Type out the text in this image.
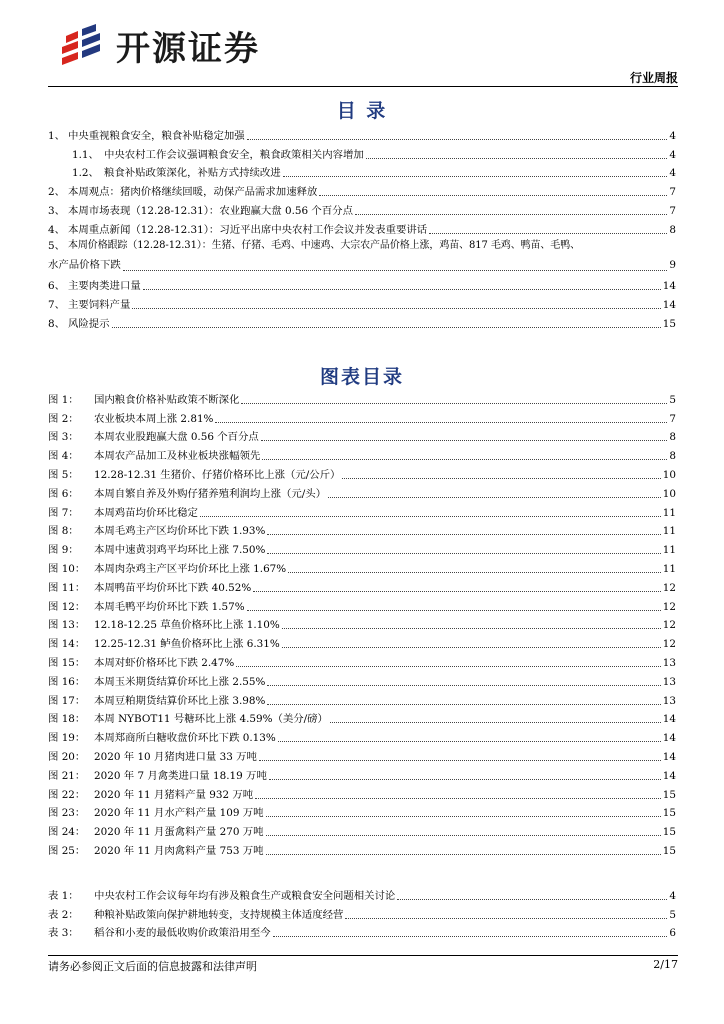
开源证券
行业周报
目 录
1、 中央重视粮食安全，粮食补贴稳定加强	4
1.1、 中央农村工作会议强调粮食安全，粮食政策相关内容增加	4
1.2、 粮食补贴政策深化，补贴方式持续改进	4
2、 本周观点：猪肉价格继续回暖，动保产品需求加速释放	7
3、 本周市场表现（12.28-12.31）：农业跑赢大盘 0.56 个百分点	7
4、 本周重点新闻（12.28-12.31）：习近平出席中央农村工作会议并发表重要讲话	8
5、 本周价格跟踪（12.28-12.31）：生猪、仔猪、毛鸡、中速鸡、大宗农产品价格上涨，鸡苗、817 毛鸡、鸭苗、毛鸭、
水产品价格下跌	9
6、 主要肉类进口量	14
7、 主要饲料产量	14
8、 风险提示	15
图表目录
图 1：	国内粮食价格补贴政策不断深化	5
图 2：	农业板块本周上涨 2.81%	7
图 3：	本周农业股跑赢大盘 0.56 个百分点	8
图 4：	本周农产品加工及林业板块涨幅领先	8
图 5：	12.28-12.31 生猪价、仔猪价格环比上涨（元/公斤）	10
图 6：	本周自繁自养及外购仔猪养殖利润均上涨（元/头）	10
图 7：	本周鸡苗均价环比稳定	11
图 8：	本周毛鸡主产区均价环比下跌 1.93%	11
图 9：	本周中速黄羽鸡平均环比上涨 7.50%	11
图 10： 本周肉杂鸡主产区平均价环比上涨 1.67%	11
图 11： 本周鸭苗平均价环比下跌 40.52%	12
图 12： 本周毛鸭平均价环比下跌 1.57%	12
图 13： 12.18-12.25 草鱼价格环比上涨 1.10%	12
图 14： 12.25-12.31 鲈鱼价格环比上涨 6.31%	12
图 15： 本周对虾价格环比下跌 2.47%	13
图 16： 本周玉米期货结算价环比上涨 2.55%	13
图 17： 本周豆粕期货结算价环比上涨 3.98%	13
图 18： 本周 NYBOT11 号糖环比上涨 4.59%（美分/磅）	14
图 19： 本周郑商所白糖收盘价环比下跌 0.13%	14
图 20： 2020 年 10 月猪肉进口量 33 万吨	14
图 21： 2020 年 7 月禽类进口量 18.19 万吨	14
图 22： 2020 年 11 月猪料产量 932 万吨	15
图 23： 2020 年 11 月水产料产量 109 万吨	15
图 24： 2020 年 11 月蛋禽料产量 270 万吨	15
图 25： 2020 年 11 月肉禽料产量 753 万吨	15
表 1：	中央农村工作会议每年均有涉及粮食生产或粮食安全问题相关讨论	4
表 2：	种粮补贴政策向保护耕地转变，支持规模主体适度经营	5
表 3：	稻谷和小麦的最低收购价政策沿用至今	6
请务必参阅正文后面的信息披露和法律声明	2/17
